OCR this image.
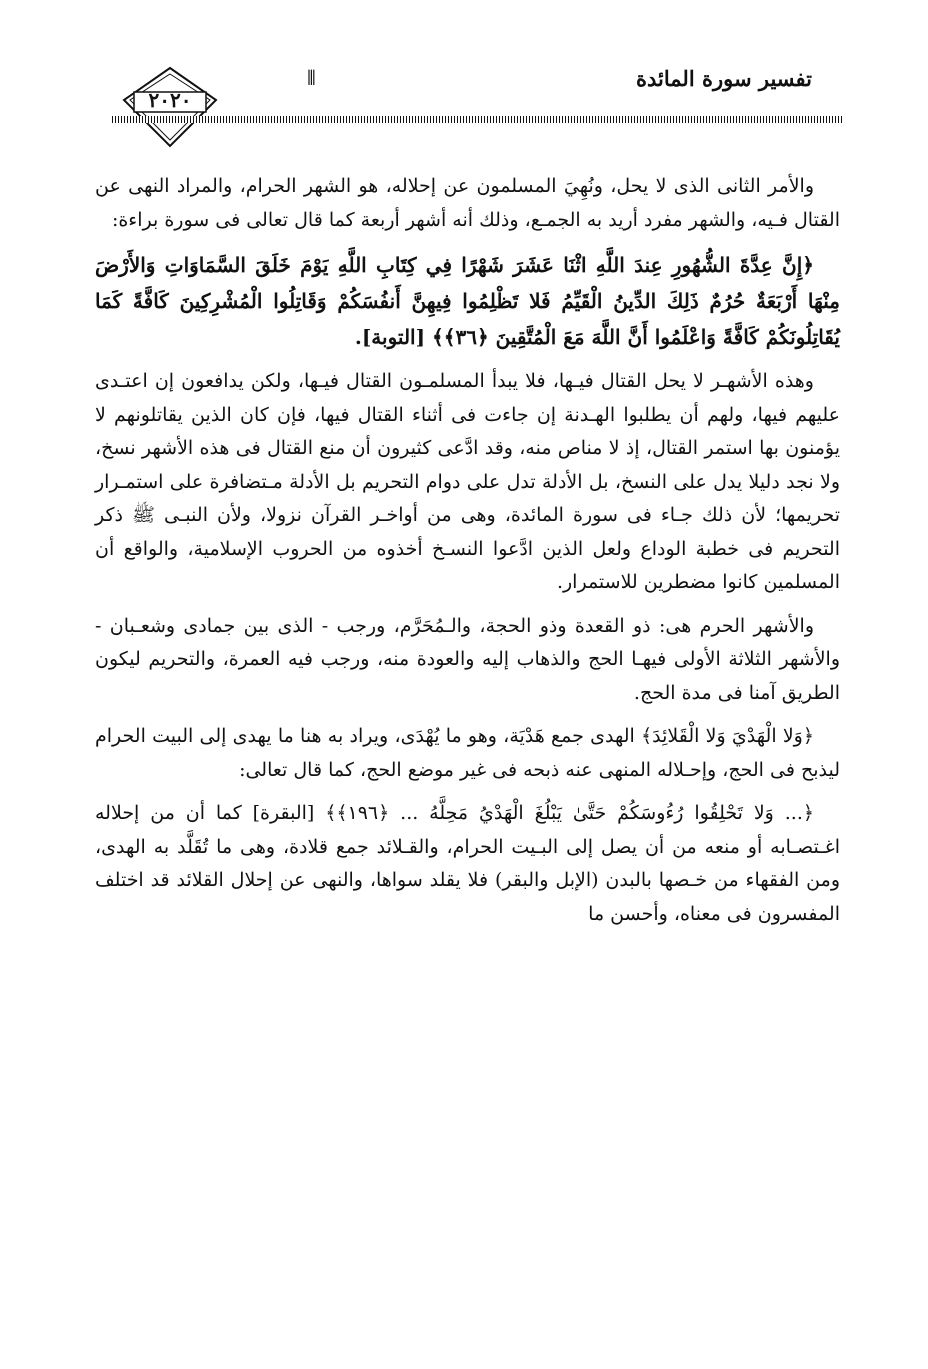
٢٠٢٠
⦀	تفسير سورة المائدة

والأمر الثانى الذى لا يحل، ونُهِيَ المسلمون عن إحلاله، هو الشهر الحرام، والمراد النهى عن القتال فـيه، والشهر مفرد أريد به الجمـع، وذلك أنه أشهر أربعة كما قال تعالى فى سورة براءة:

﴿إِنَّ عِدَّةَ الشُّهُورِ عِندَ اللَّهِ اثْنَا عَشَرَ شَهْرًا فِي كِتَابِ اللَّهِ يَوْمَ خَلَقَ السَّمَاوَاتِ وَالأَرْضَ مِنْهَا أَرْبَعَةٌ حُرُمٌ ذَلِكَ الدِّينُ الْقَيِّمُ فَلا تَظْلِمُوا فِيهِنَّ أَنفُسَكُمْ وَقَاتِلُوا الْمُشْرِكِينَ كَافَّةً كَمَا يُقَاتِلُونَكُمْ كَافَّةً وَاعْلَمُوا أَنَّ اللَّهَ مَعَ الْمُتَّقِينَ ﴿٣٦﴾﴾ [التوبة].

وهذه الأشهـر لا يحل القتال فيـها، فلا يبدأ المسلمـون القتال فيـها، ولكن يدافعون إن اعتـدى عليهم فيها، ولهم أن يطلبوا الهـدنة إن جاءت فى أثناء القتال فيها، فإن كان الذين يقاتلونهم لا يؤمنون بها استمر القتال، إذ لا مناص منه، وقد ادَّعى كثيرون أن منع القتال فى هذه الأشهر نسخ، ولا نجد دليلا يدل على النسخ، بل الأدلة تدل على دوام التحريم بل الأدلة مـتضافرة على استمـرار تحريمها؛ لأن ذلك جـاء فى سورة المائدة، وهى من أواخـر القرآن نزولا، ولأن النبـى ﷺ ذكر التحريم فى خطبة الوداع ولعل الذين ادَّعوا النسـخ أخذوه من الحروب الإسلامية، والواقع أن المسلمين كانوا مضطرين للاستمرار.

والأشهر الحرم هى: ذو القعدة وذو الحجة، والـمُحَرَّم، ورجب - الذى بين جمادى وشعـبان - والأشهر الثلاثة الأولى فيهـا الحج والذهاب إليه والعودة منه، ورجب فيه العمرة، والتحريم ليكون الطريق آمنا فى مدة الحج.

﴿وَلا الْهَدْيَ وَلا الْقَلائِدَ﴾ الهدى جمع هَدْيَة، وهو ما يُهْدَى، ويراد به هنا ما يهدى إلى البيت الحرام ليذبح فى الحج، وإحـلاله المنهى عنه ذبحه فى غير موضع الحج، كما قال تعالى:

﴿... وَلا تَحْلِقُوا رُءُوسَكُمْ حَتَّىٰ يَبْلُغَ الْهَدْيُ مَحِلَّهُ ... ﴿١٩٦﴾﴾ [البقرة] كما أن من إحلاله اغـتصـابه أو منعه من أن يصل إلى البـيت الحرام، والقـلائد جمع قلادة، وهى ما تُقَلَّد به الهدى، ومن الفقهاء من خـصها بالبدن (الإبل والبقر) فلا يقلد سواها، والنهى عن إحلال القلائد قد اختلف المفسرون فى معناه، وأحسن ما
